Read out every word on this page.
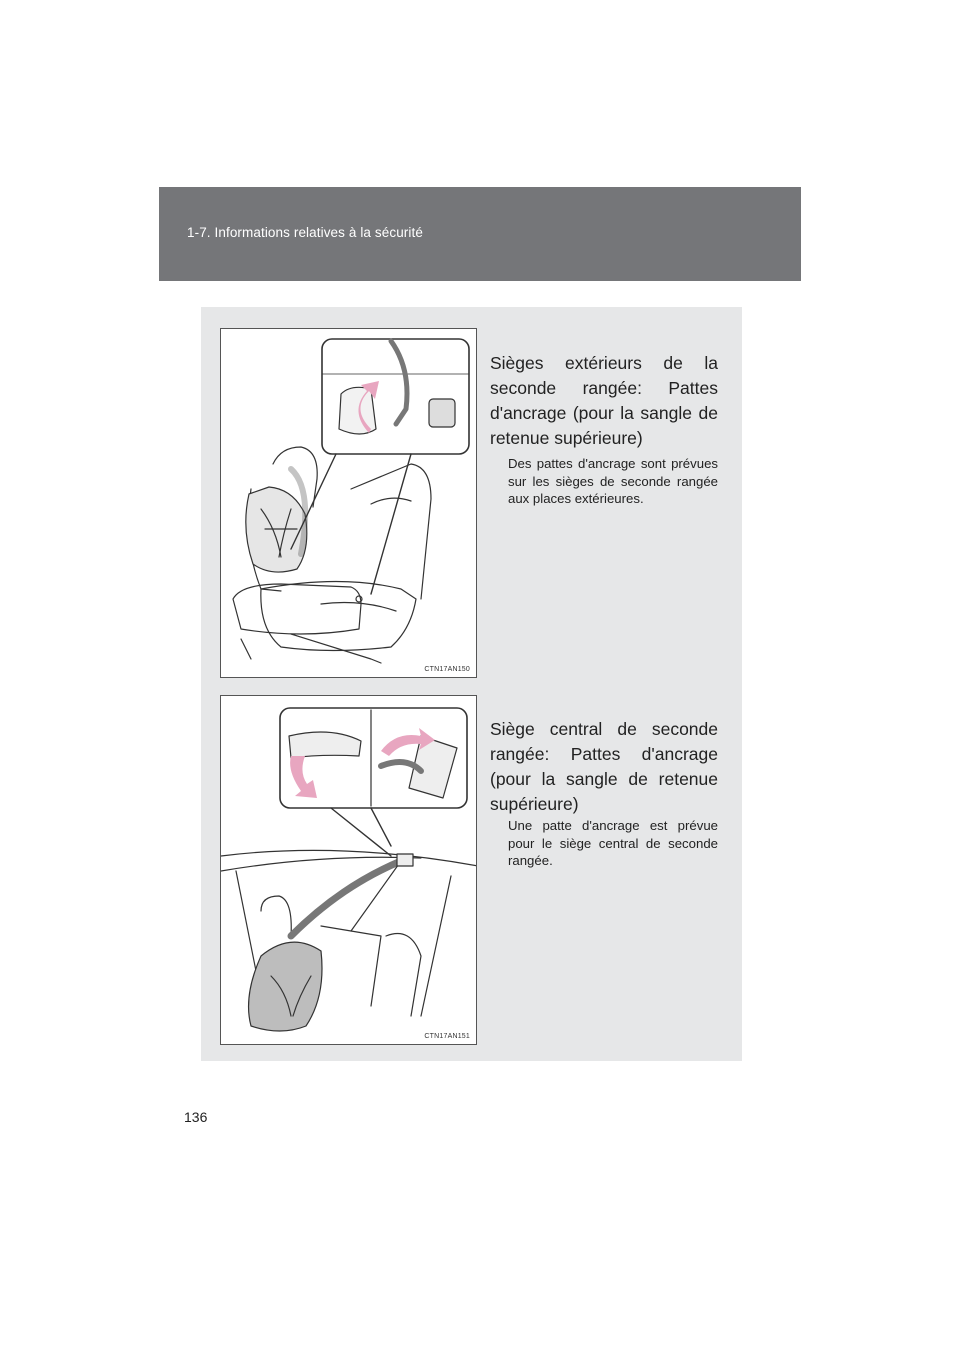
1-7. Informations relatives à la sécurité
CTN17AN150
Sièges extérieurs de la seconde rangée: Pattes d'ancrage (pour la sangle de retenue supérieure)
Des pattes d'ancrage sont prévues sur les sièges de seconde rangée aux places extérieures.
CTN17AN151
Siège central de seconde rangée: Pattes d'ancrage (pour la sangle de retenue supérieure)
Une patte d'ancrage est prévue pour le siège central de seconde rangée.
136
